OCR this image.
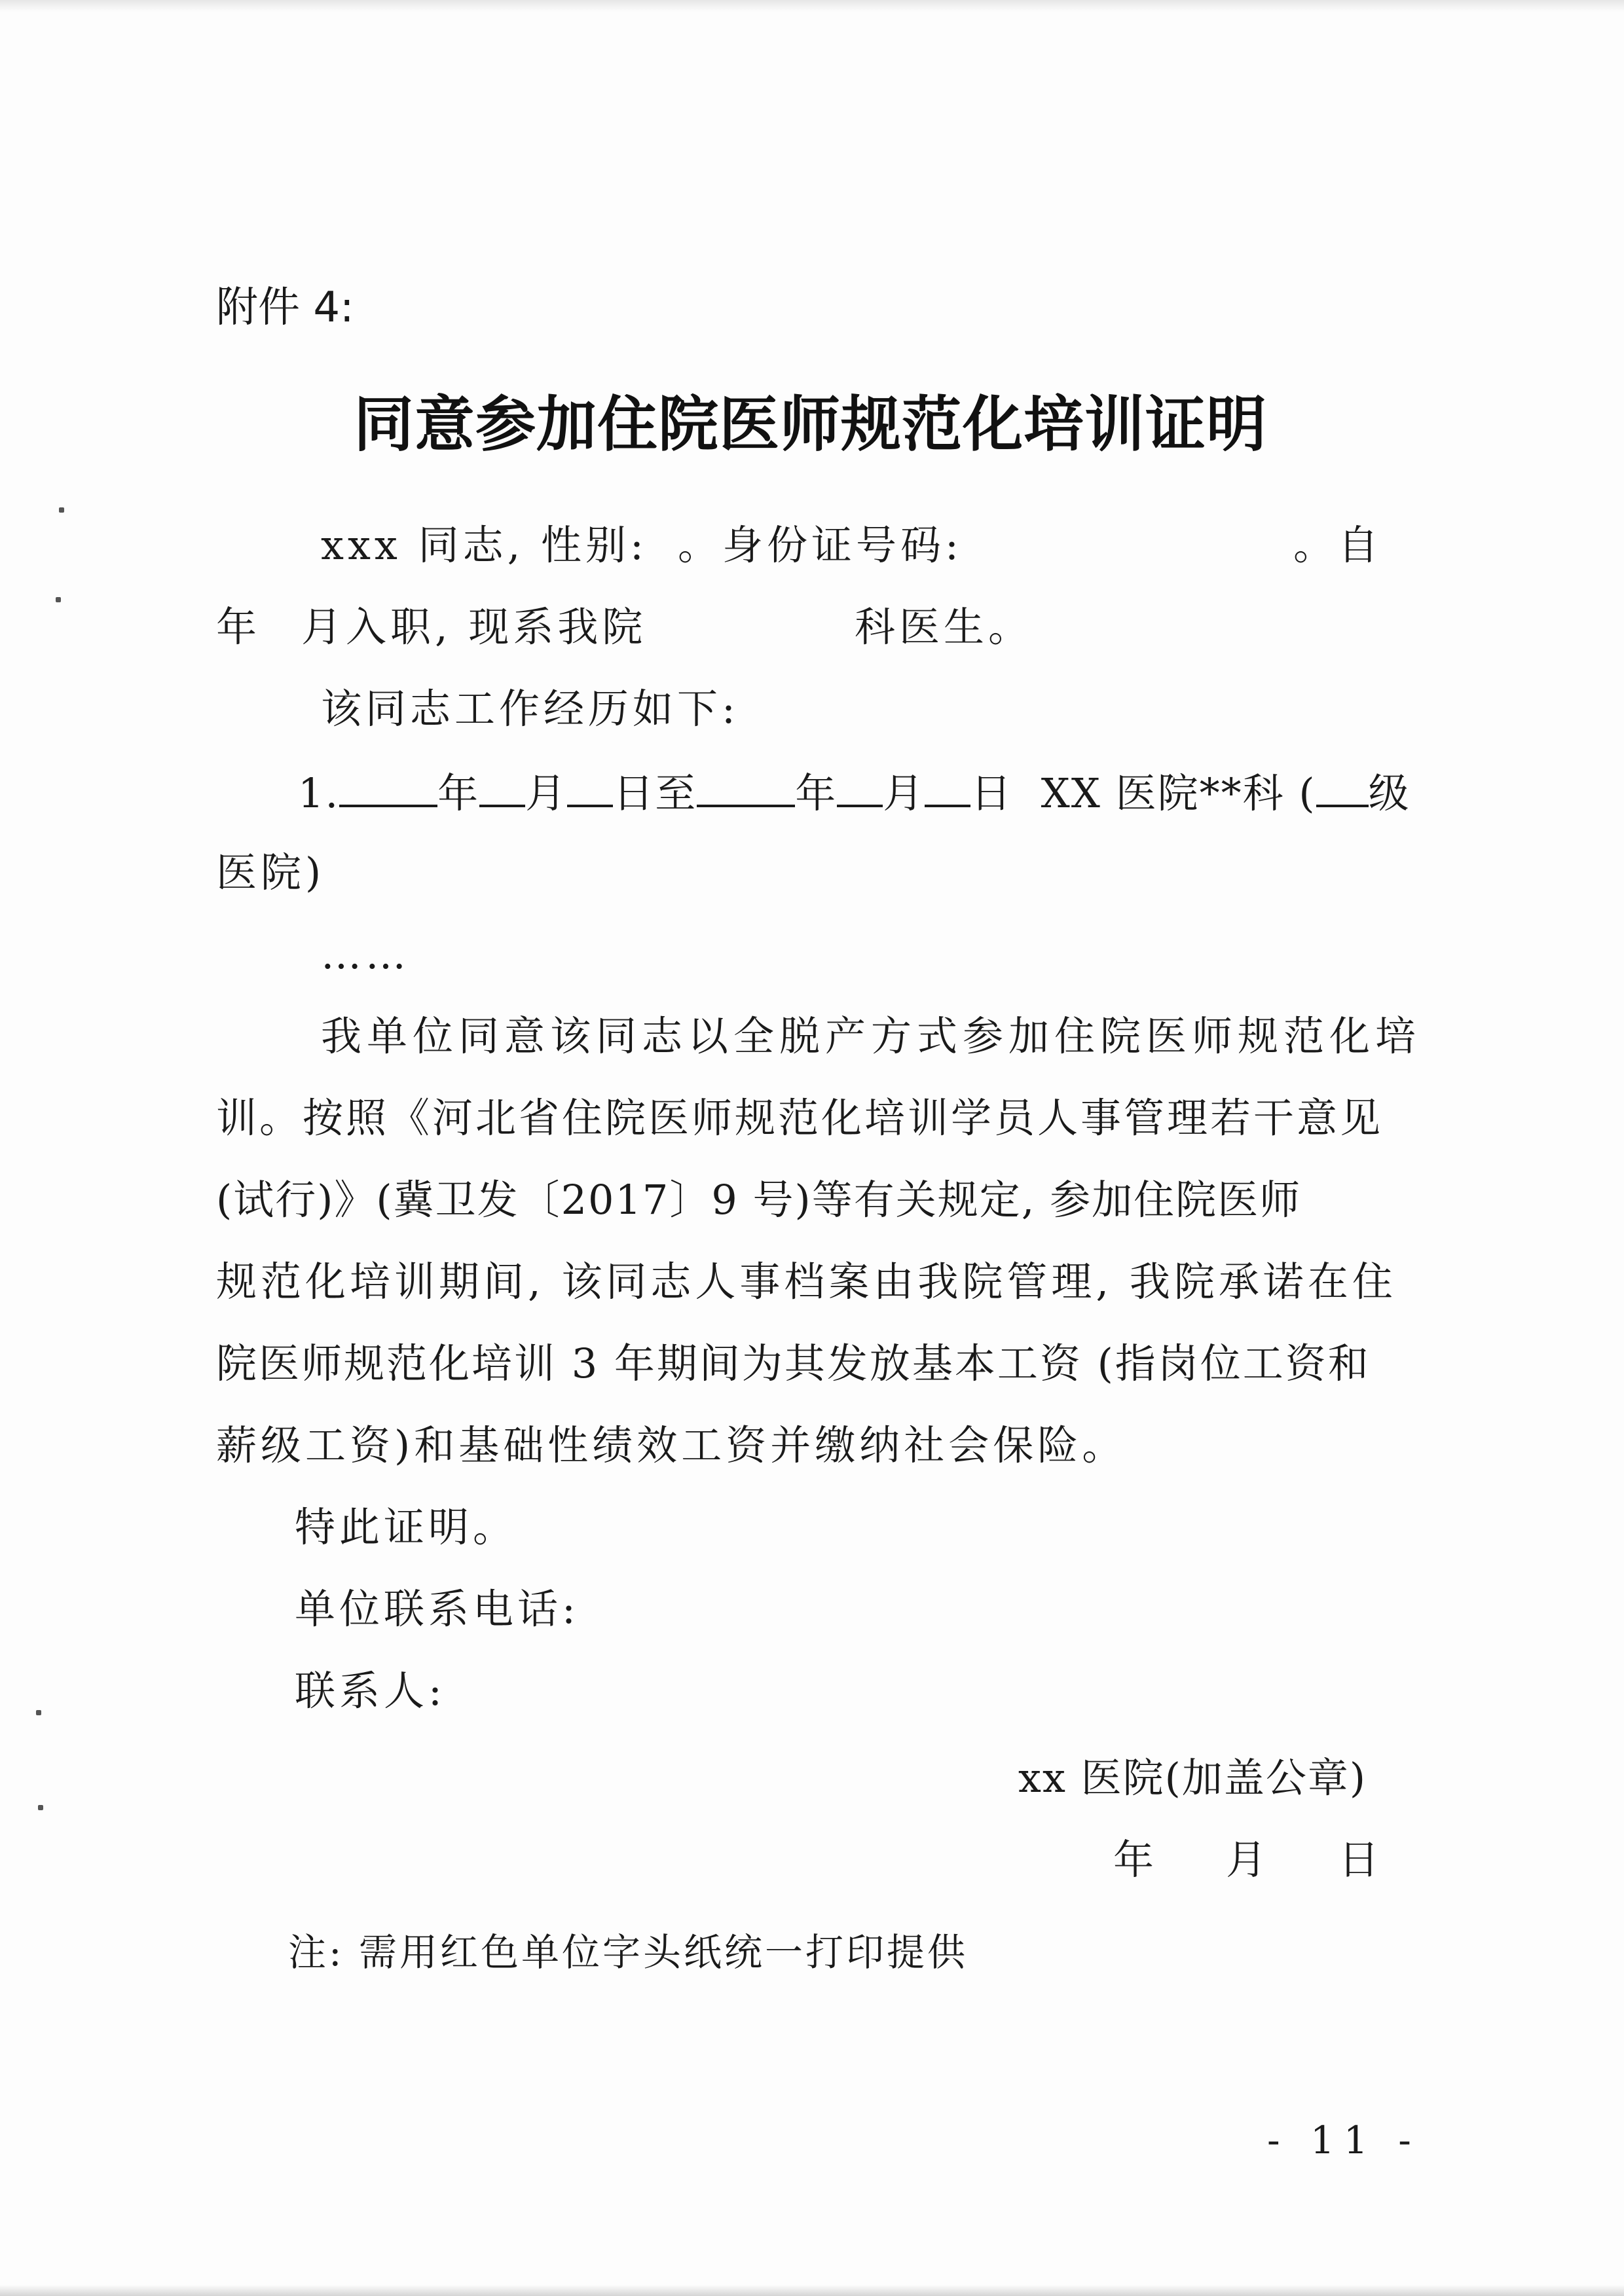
附件 4:
同意参加住院医师规范化培训证明
xxx 同志, 性别: 。身份证号码:	。自
年 月入职, 现系我院	科医生。
该同志工作经历如下:
1. 年 月 日至 年 月 日 XX 医院**科 ( 级
医院)
……
我单位同意该同志以全脱产方式参加住院医师规范化培
训。按照《河北省住院医师规范化培训学员人事管理若干意见
(试行)》(冀卫发〔2017〕9 号)等有关规定, 参加住院医师
规范化培训期间, 该同志人事档案由我院管理, 我院承诺在住
院医师规范化培训 3 年期间为其发放基本工资 (指岗位工资和
薪级工资)和基础性绩效工资并缴纳社会保险。
特此证明。
单位联系电话:
联系人:
xx 医院(加盖公章)
年 月 日
注: 需用红色单位字头纸统一打印提供
- 11 -
